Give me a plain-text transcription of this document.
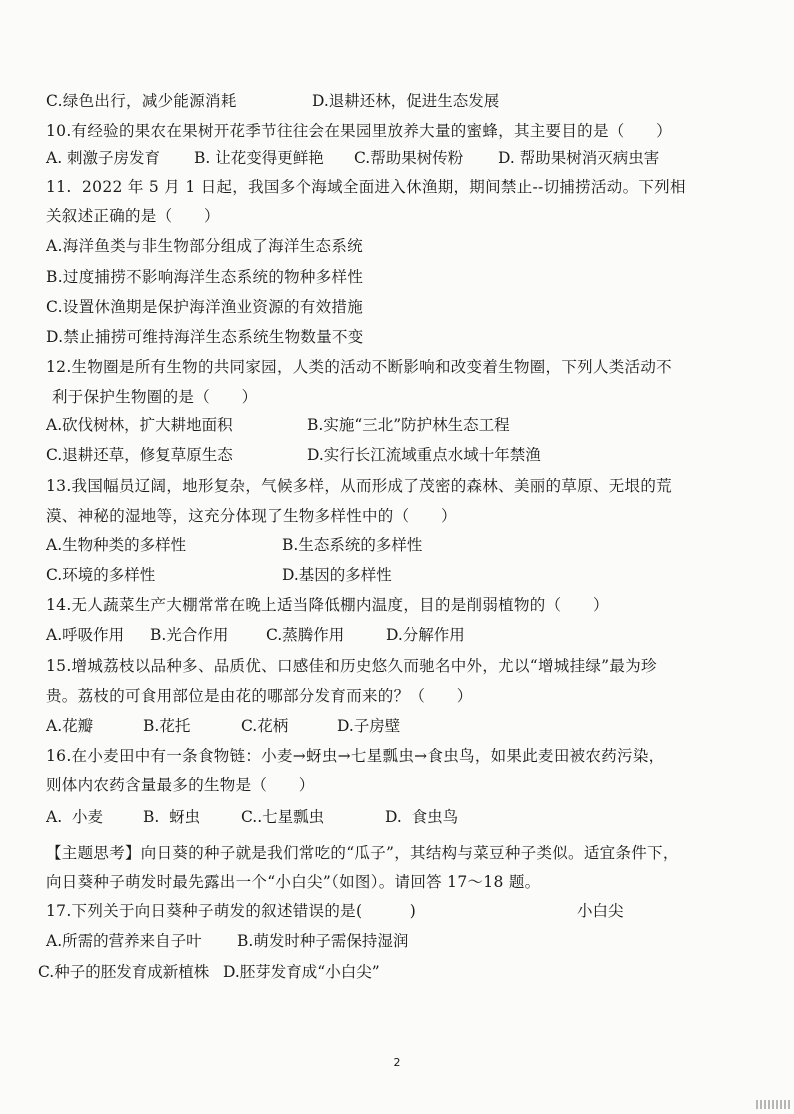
C.绿色出行，减少能源消耗	D.退耕还林，促进生态发展
10.有经验的果农在果树开花季节往往会在果园里放养大量的蜜蜂，其主要目的是（　　）
A. 刺激子房发育 B. 让花变得更鲜艳 C.帮助果树传粉 D. 帮助果树消灭病虫害
11.  2022 年 5 月 1 日起，我国多个海域全面进入休渔期，期间禁止--切捕捞活动。下列相
关叙述正确的是（　　）
A.海洋鱼类与非生物部分组成了海洋生态系统
B.过度捕捞不影响海洋生态系统的物种多样性
C.设置休渔期是保护海洋渔业资源的有效措施
D.禁止捕捞可维持海洋生态系统生物数量不变
12.生物圈是所有生物的共同家园，人类的活动不断影响和改变着生物圈，下列人类活动不
利于保护生物圈的是（　　）
A.砍伐树林，扩大耕地面积	B.实施“三北”防护林生态工程
C.退耕还草，修复草原生态	D.实行长江流域重点水域十年禁渔
13.我国幅员辽阔，地形复杂，气候多样，从而形成了茂密的森林、美丽的草原、无垠的荒
漠、神秘的湿地等，这充分体现了生物多样性中的（　　）
A.生物种类的多样性	B.生态系统的多样性
C.环境的多样性	D.基因的多样性
14.无人蔬菜生产大棚常常在晚上适当降低棚内温度，目的是削弱植物的（　　）
A.呼吸作用 B.光合作用 C.蒸腾作用	D.分解作用
15.增城荔枝以品种多、品质优、口感佳和历史悠久而驰名中外，尤以“增城挂绿”最为珍
贵。荔枝的可食用部位是由花的哪部分发育而来的？（　　）
A.花瓣	B.花托	C.花柄	D.子房壁
16.在小麦田中有一条食物链：小麦→蚜虫→七星瓢虫→食虫鸟，如果此麦田被农药污染，
则体内农药含量最多的生物是（　　）
A.  小麦	B.  蚜虫	C..七星瓢虫	D.  食虫鸟
【主题思考】向日葵的种子就是我们常吃的“瓜子”，其结构与菜豆种子类似。适宜条件下，
向日葵种子萌发时最先露出一个“小白尖”（如图）。请回答 17～18 题。
17.下列关于向日葵种子萌发的叙述错误的是(　　　)	小白尖
A.所需的营养来自子叶 B.萌发时种子需保持湿润
C.种子的胚发育成新植株 D.胚芽发育成“小白尖”
2
